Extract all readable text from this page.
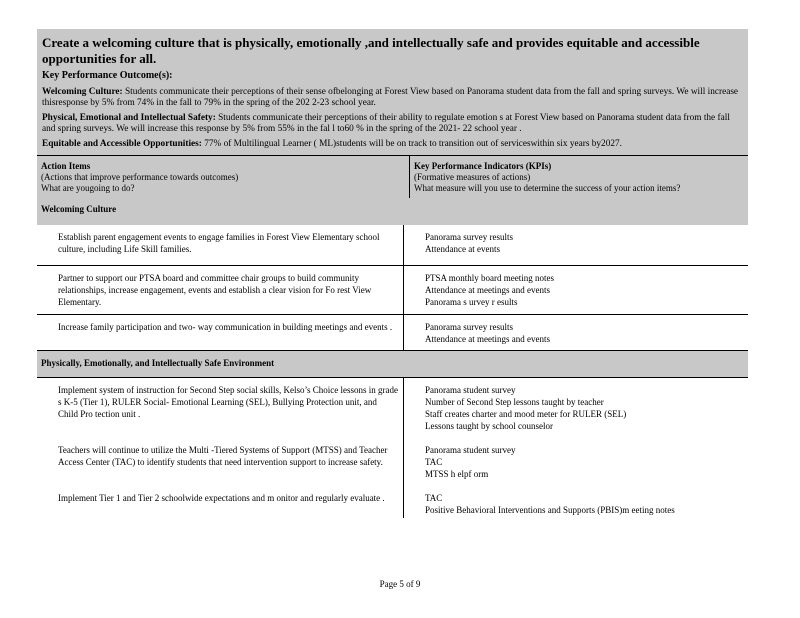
Create a welcoming culture that is physically, emotionally ,and intellectually safe and provides equitable and accessible opportunities for all.
Key Performance Outcome(s):
Welcoming Culture: Students communicate their perceptions of their sense ofbelonging at Forest View based on Panorama student data from the fall and spring surveys. We will increase thisresponse by 5% from 74% in the fall to 79% in the spring of the 202 2-23 school year.
Physical, Emotional and Intellectual Safety: Students communicate their perceptions of their ability to regulate emotion s at Forest View based on Panorama student data from the fall and spring surveys. We will increase this response by 5% from 55% in the fal l to60 % in the spring of the 2021- 22 school year .
Equitable and Accessible Opportunities: 77% of Multilingual Learner ( ML)students will be on track to transition out of serviceswithin six years by2027.
Action Items
(Actions that improve performance towards outcomes)
What are yougoing to do?
Key Performance Indicators (KPIs)
(Formative measures of actions)
What measure will you use to determine the success of your action items?
Welcoming Culture
Establish parent engagement events to engage families in Forest View Elementary school culture, including Life Skill families.
Panorama survey results
Attendance at events
Partner to support our PTSA board and committee chair groups to build community relationships, increase engagement, events and establish a clear vision for Fo rest View Elementary.
PTSA monthly board meeting notes
Attendance at meetings and events
Panorama s urvey r esults
Increase family participation and two- way communication in building meetings and events .	Panorama survey results
Attendance at meetings and events
Physically, Emotionally, and Intellectually Safe Environment
Implement system of instruction for Second Step social skills, Kelso’s Choice lessons in grade s K-5 (Tier 1), RULER Social- Emotional Learning (SEL), Bullying Protection unit, and Child Pro tection unit .
Panorama student survey
Number of Second Step lessons taught by teacher
Staff creates charter and mood meter for RULER (SEL)
Lessons taught by school counselor
Teachers will continue to utilize the Multi -Tiered Systems of Support (MTSS) and Teacher Access Center (TAC) to identify students that need intervention support to increase safety.
Panorama student survey
TAC
MTSS h elpf orm
Implement Tier 1 and Tier 2 schoolwide expectations and m onitor and regularly evaluate .	TAC
Positive Behavioral Interventions and Supports (PBIS)m eeting notes
Page 5 of 9
